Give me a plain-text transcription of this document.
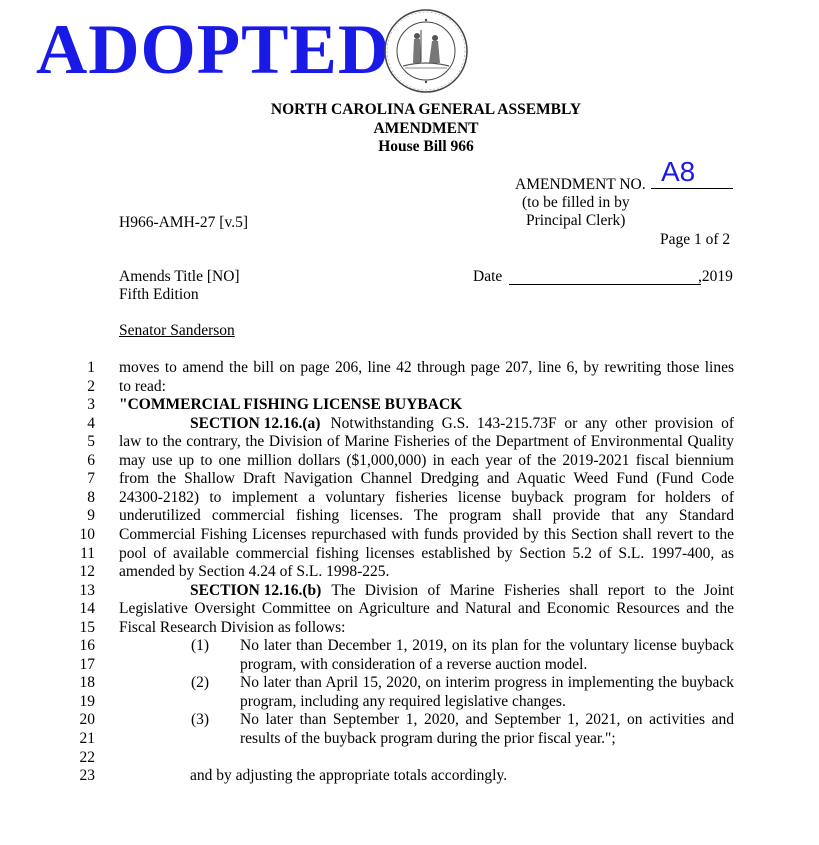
ADOPTED
NORTH CAROLINA GENERAL ASSEMBLY
AMENDMENT
House Bill 966
AMENDMENT NO. A8
(to be filled in by
Principal Clerk)
H966-AMH-27 [v.5]
Page 1 of 2
Amends Title [NO]
Fifth Edition
Date	,2019
Senator Sanderson
1 moves to amend the bill on page 206, line 42 through page 207, line 6, by rewriting those lines
2 to read:
3 "COMMERCIAL FISHING LICENSE BUYBACK
4	SECTION 12.16.(a) Notwithstanding G.S. 143-215.73F or any other provision of
5 law to the contrary, the Division of Marine Fisheries of the Department of Environmental Quality
6 may use up to one million dollars ($1,000,000) in each year of the 2019-2021 fiscal biennium
7 from the Shallow Draft Navigation Channel Dredging and Aquatic Weed Fund (Fund Code
8 24300-2182) to implement a voluntary fisheries license buyback program for holders of
9 underutilized commercial fishing licenses. The program shall provide that any Standard
10 Commercial Fishing Licenses repurchased with funds provided by this Section shall revert to the
11 pool of available commercial fishing licenses established by Section 5.2 of S.L. 1997-400, as
12 amended by Section 4.24 of S.L. 1998-225.
13	SECTION 12.16.(b) The Division of Marine Fisheries shall report to the Joint
14 Legislative Oversight Committee on Agriculture and Natural and Economic Resources and the
15 Fiscal Research Division as follows:
16	(1) No later than December 1, 2019, on its plan for the voluntary license buyback
17	program, with consideration of a reverse auction model.
18	(2) No later than April 15, 2020, on interim progress in implementing the buyback
19	program, including any required legislative changes.
20	(3) No later than September 1, 2020, and September 1, 2021, on activities and
21	results of the buyback program during the prior fiscal year.";
22
23	and by adjusting the appropriate totals accordingly.
